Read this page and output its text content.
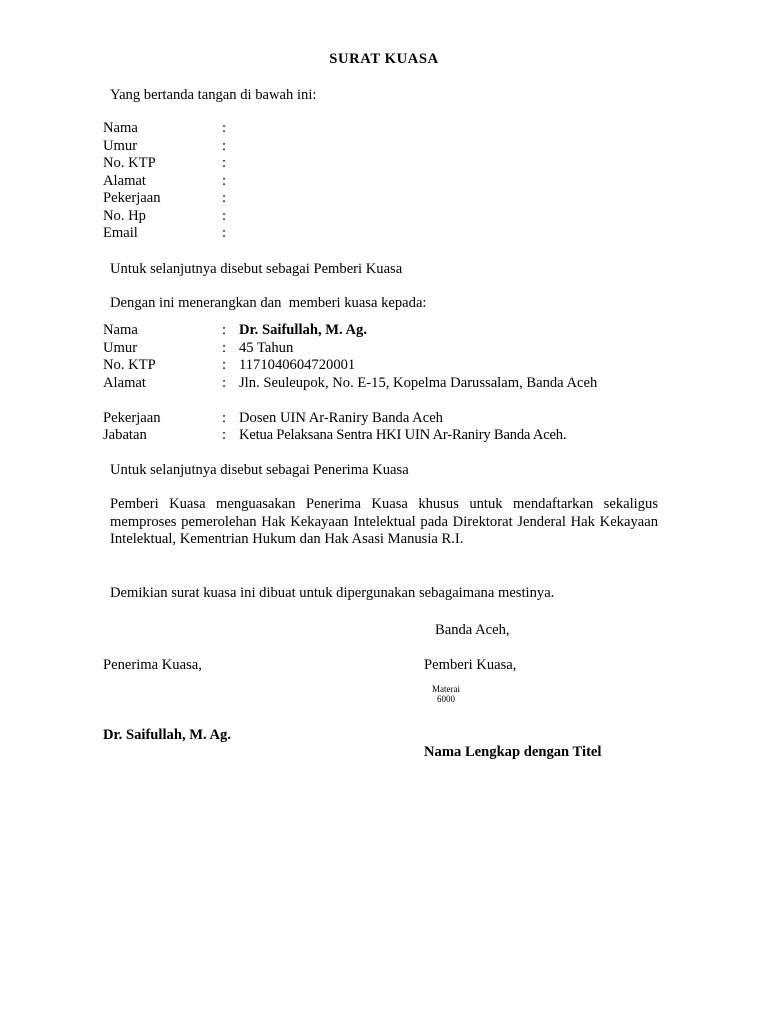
SURAT KUASA
Yang bertanda tangan di bawah ini:
Nama	:
Umur	:
No. KTP	:
Alamat	:
Pekerjaan	:
No. Hp	:
Email	:
Untuk selanjutnya disebut sebagai Pemberi Kuasa
Dengan ini menerangkan dan  memberi kuasa kepada:
Nama	: Dr. Saifullah, M. Ag.
Umur	: 45 Tahun
No. KTP	: 1171040604720001
Alamat	: Jln. Seuleupok, No. E-15, Kopelma Darussalam, Banda Aceh
Pekerjaan	: Dosen UIN Ar-Raniry Banda Aceh
Jabatan	: Ketua Pelaksana Sentra HKI UIN Ar-Raniry Banda Aceh.
Untuk selanjutnya disebut sebagai Penerima Kuasa
Pemberi Kuasa menguasakan Penerima Kuasa khusus untuk mendaftarkan sekaligus memproses pemerolehan Hak Kekayaan Intelektual pada Direktorat Jenderal Hak Kekayaan Intelektual, Kementrian Hukum dan Hak Asasi Manusia R.I.
Demikian surat kuasa ini dibuat untuk dipergunakan sebagaimana mestinya.
Banda Aceh,
Penerima Kuasa,	Pemberi Kuasa,
Materai
6000
Dr. Saifullah, M. Ag.
Nama Lengkap dengan Titel
